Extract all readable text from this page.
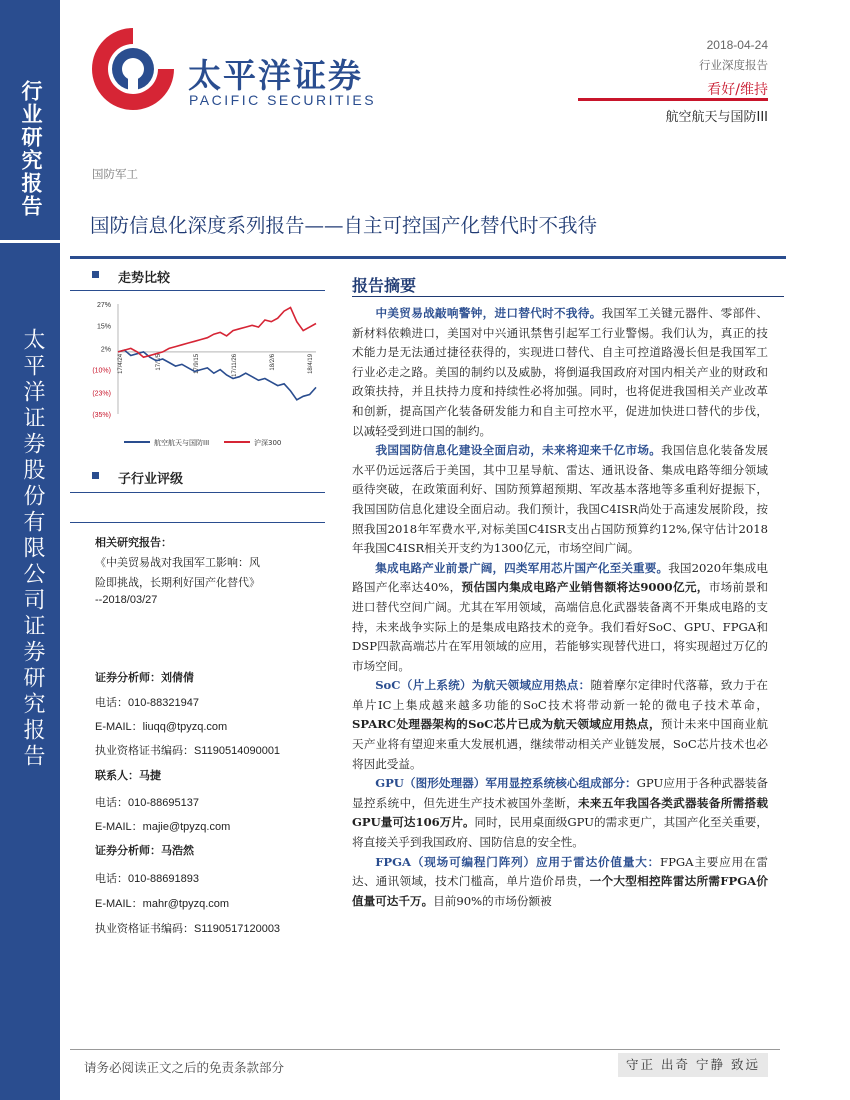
行业研究报告
太平洋证券股份有限公司证券研究报告
太平洋证券
PACIFIC SECURITIES
2018-04-24
行业深度报告
看好/维持
航空航天与国防III
国防军工
国防信息化深度系列报告——自主可控国产化替代时不我待
走势比较
27%
15%
2%
(10%)
(23%)
(35%)
17/4/24	17/7/5	17/9/15	17/11/26	18/2/6	18/4/19
航空航天与国防III	沪深300
子行业评级
相关研究报告：
《中美贸易战对我国军工影响：风
险即挑战，长期利好国产化替代》
--2018/03/27
证券分析师：刘倩倩
电话：010-88321947
E-MAIL：liuqq@tpyzq.com
执业资格证书编码：S1190514090001
联系人：马捷
电话：010-88695137
E-MAIL：majie@tpyzq.com
证券分析师：马浩然
电话：010-88691893
E-MAIL：mahr@tpyzq.com
执业资格证书编码：S1190517120003
报告摘要

中美贸易战敲响警钟，进口替代时不我待。我国军工关键元器件、零部件、新材料依赖进口，美国对中兴通讯禁售引起军工行业警惕。我们认为，真正的技术能力是无法通过捷径获得的，实现进口替代、自主可控道路漫长但是我国军工行业必走之路。美国的制约以及威胁，将倒逼我国政府对国内相关产业的财政和政策扶持，并且扶持力度和持续性必将加强。同时，也将促进我国相关产业改革和创新，提高国产化装备研发能力和自主可控水平，促进加快进口替代的步伐，以减轻受到进口国的制约。

我国国防信息化建设全面启动，未来将迎来千亿市场。我国信息化装备发展水平仍远远落后于美国，其中卫星导航、雷达、通讯设备、集成电路等细分领域亟待突破，在政策面利好、国防预算超预期、军改基本落地等多重利好提振下，我国国防信息化建设全面启动。我们预计，我国C4ISR尚处于高速发展阶段，按照我国2018年军费水平,对标美国C4ISR支出占国防预算约12%,保守估计2018年我国C4ISR相关开支约为1300亿元，市场空间广阔。

集成电路产业前景广阔，四类军用芯片国产化至关重要。我国2020年集成电路国产化率达40%，预估国内集成电路产业销售额将达9000亿元，市场前景和进口替代空间广阔。尤其在军用领域，高端信息化武器装备离不开集成电路的支持，未来战争实际上的是集成电路技术的竞争。我们看好SoC、GPU、FPGA和DSP四款高端芯片在军用领域的应用，若能够实现替代进口，将实现超过万亿的市场空间。

SoC（片上系统）为航天领域应用热点：随着摩尔定律时代落幕，致力于在单片IC上集成越来越多功能的SoC技术将带动新一轮的微电子技术革命，SPARC处理器架构的SoC芯片已成为航天领域应用热点，预计未来中国商业航天产业将有望迎来重大发展机遇，继续带动相关产业链发展，SoC芯片技术也必将因此受益。

GPU（图形处理器）军用显控系统核心组成部分：GPU应用于各种武器装备显控系统中，但先进生产技术被国外垄断，未来五年我国各类武器装备所需搭载GPU量可达106万片。同时，民用桌面级GPU的需求更广，其国产化至关重要，将直接关乎到我国政府、国防信息的安全性。

FPGA（现场可编程门阵列）应用于雷达价值量大：FPGA主要应用在雷达、通讯领域，技术门槛高，单片造价昂贵，一个大型相控阵雷达所需FPGA价值量可达千万。目前90%的市场份额被

请务必阅读正文之后的免责条款部分	守正 出奇 宁静 致远
